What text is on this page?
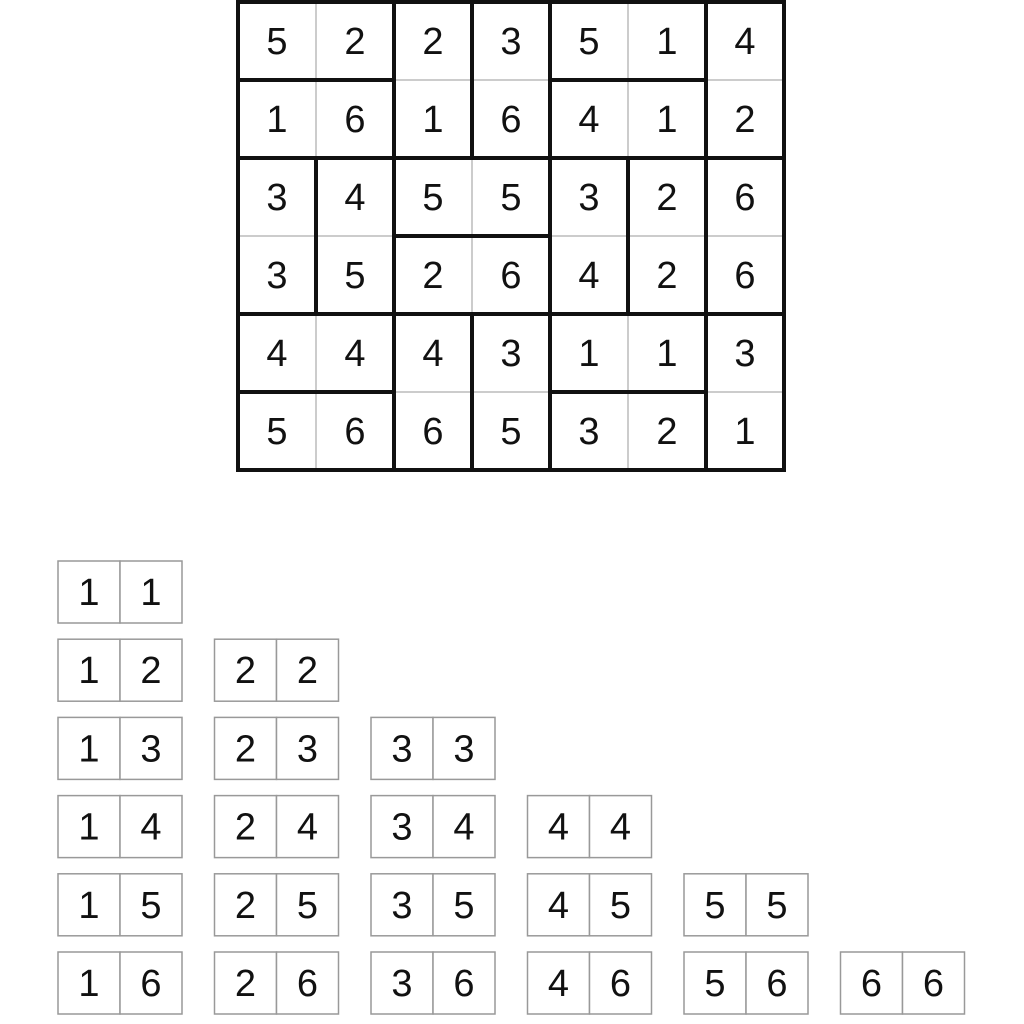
5 2 2 3 5 1 4
1 6 1 6 4 1 2
3 4 5 5 3 2 6
3 5 2 6 4 2 6
4 4 4 3 1 1 3
5 6 6 5 3 2 1
1 1
1 2 2 2
1 3 2 3 3 3
1 4 2 4 3 4 4 4
1 5 2 5 3 5 4 5 5 5
1 6 2 6 3 6 4 6 5 6 6 6
